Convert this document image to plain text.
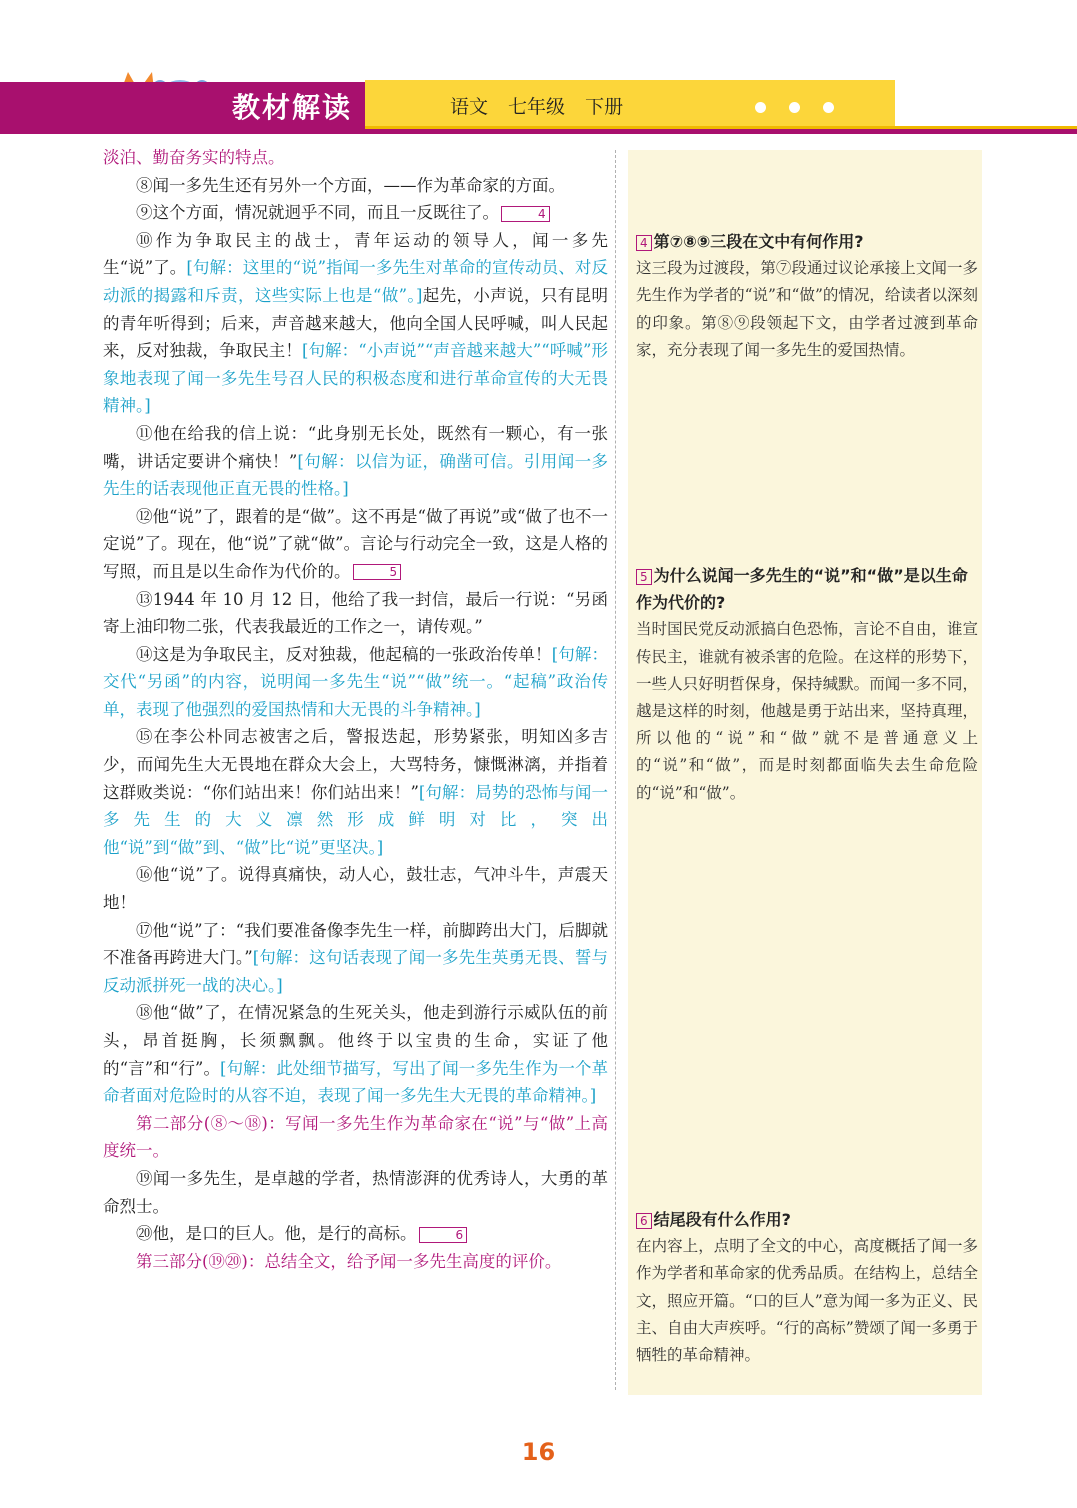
教材解读	语文 七年级 下册

淡泊、勤奋务实的特点。

⑧闻一多先生还有另外一个方面，——作为革命家的方面。

⑨这个方面，情况就迥乎不同，而且一反既往了。	4

⑩作为争取民主的战士，青年运动的领导人，闻一多先生“说”了。[句解：这里的“说”指闻一多先生对革命的宣传动员、对反动派的揭露和斥责，这些实际上也是“做”。]起先，小声说，只有昆明的青年听得到；后来，声音越来越大，他向全国人民呼喊，叫人民起来，反对独裁，争取民主！[句解：“小声说”“声音越来越大”“呼喊”形象地表现了闻一多先生号召人民的积极态度和进行革命宣传的大无畏精神。]

⑪他在给我的信上说：“此身别无长处，既然有一颗心，有一张嘴，讲话定要讲个痛快！”[句解：以信为证，确凿可信。引用闻一多先生的话表现他正直无畏的性格。]

⑫他“说”了，跟着的是“做”。这不再是“做了再说”或“做了也不一定说”了。现在，他“说”了就“做”。言论与行动完全一致，这是人格的写照，而且是以生命作为代价的。	5

⑬1944 年 10 月 12 日，他给了我一封信，最后一行说：“另函寄上油印物二张，代表我最近的工作之一，请传观。”

⑭这是为争取民主，反对独裁，他起稿的一张政治传单！[句解：交代“另函”的内容，说明闻一多先生“说”“做”统一。“起稿”政治传单，表现了他强烈的爱国热情和大无畏的斗争精神。]

⑮在李公朴同志被害之后，警报迭起，形势紧张，明知凶多吉少，而闻先生大无畏地在群众大会上，大骂特务，慷慨淋漓，并指着这群败类说：“你们站出来！你们站出来！”[句解：局势的恐怖与闻一多先生的大义凛然形成鲜明对比，突出他“说”到“做”到、“做”比“说”更坚决。]

⑯他“说”了。说得真痛快，动人心，鼓壮志，气冲斗牛，声震天地！

⑰他“说”了：“我们要准备像李先生一样，前脚跨出大门，后脚就不准备再跨进大门。”[句解：这句话表现了闻一多先生英勇无畏、誓与反动派拼死一战的决心。]

⑱他“做”了，在情况紧急的生死关头，他走到游行示威队伍的前头，昂首挺胸，长须飘飘。他终于以宝贵的生命，实证了他的“言”和“行”。[句解：此处细节描写，写出了闻一多先生作为一个革命者面对危险时的从容不迫，表现了闻一多先生大无畏的革命精神。]

第二部分(⑧～⑱)：写闻一多先生作为革命家在“说”与“做”上高度统一。

⑲闻一多先生，是卓越的学者，热情澎湃的优秀诗人，大勇的革命烈士。

⑳他，是口的巨人。他，是行的高标。	6

第三部分(⑲⑳)：总结全文，给予闻一多先生高度的评价。

4 第⑦⑧⑨三段在文中有何作用?

这三段为过渡段，第⑦段通过议论承接上文闻一多先生作为学者的“说”和“做”的情况，给读者以深刻的印象。第⑧⑨段领起下文，由学者过渡到革命家，充分表现了闻一多先生的爱国热情。

5 为什么说闻一多先生的“说”和“做”是以生命作为代价的?

当时国民党反动派搞白色恐怖，言论不自由，谁宣传民主，谁就有被杀害的危险。在这样的形势下，一些人只好明哲保身，保持缄默。而闻一多不同，越是这样的时刻，他越是勇于站出来，坚持真理，所以他的“说”和“做”就不是普通意义上的“说”和“做”，而是时刻都面临失去生命危险的“说”和“做”。

6 结尾段有什么作用?

在内容上，点明了全文的中心，高度概括了闻一多作为学者和革命家的优秀品质。在结构上，总结全文，照应开篇。“口的巨人”意为闻一多为正义、民主、自由大声疾呼。“行的高标”赞颂了闻一多勇于牺牲的革命精神。

16
